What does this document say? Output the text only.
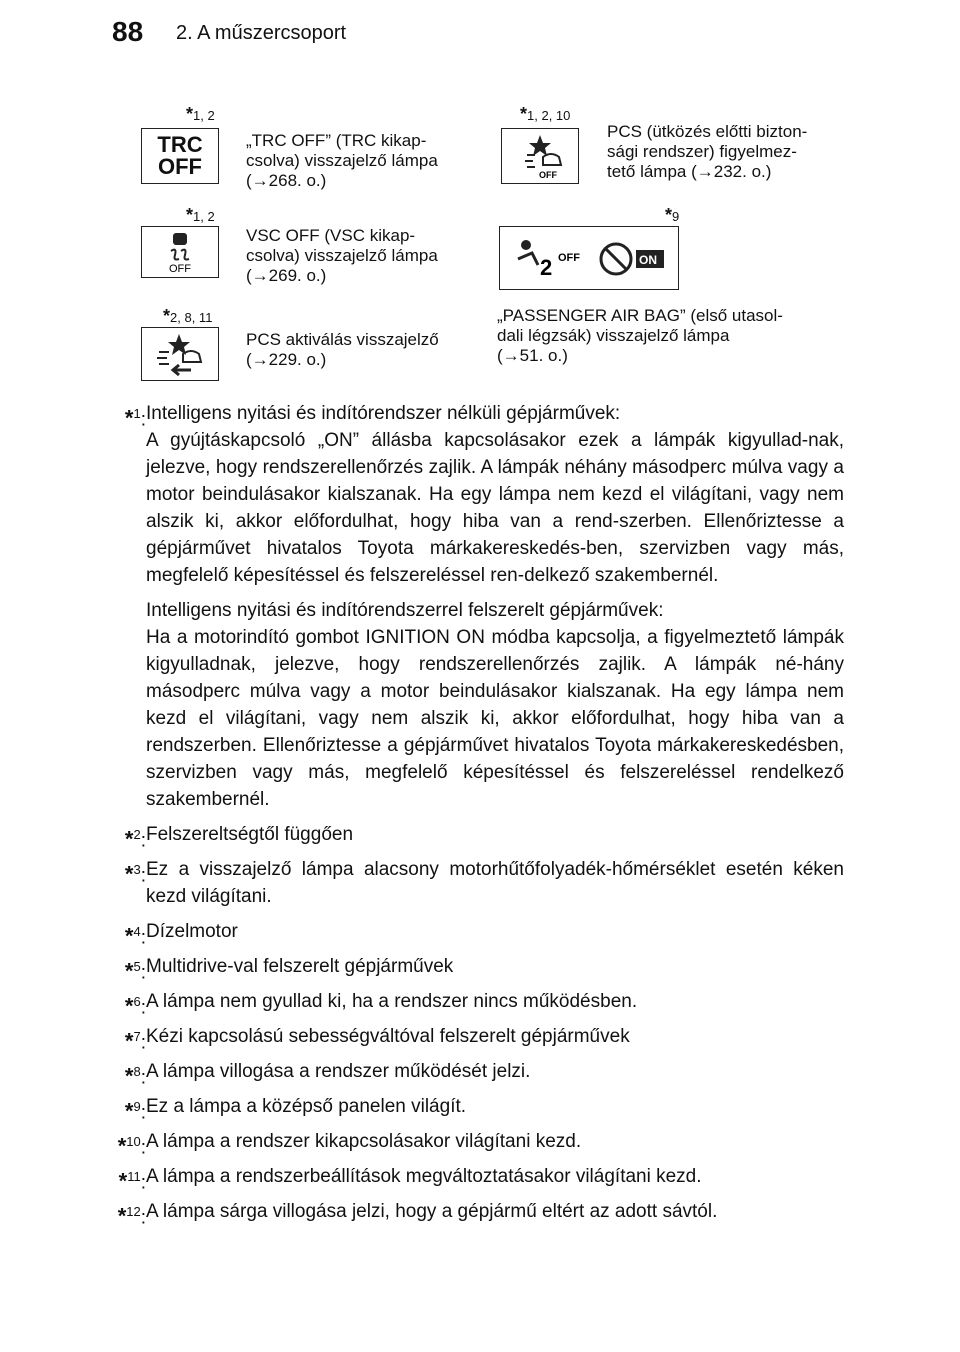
88 2. A műszercsoport
*1, 2
TRC
OFF
„TRC OFF” (TRC kikap-
csolva) visszajelző lámpa
(→268. o.)
*1, 2, 10
OFF
PCS (ütközés előtti bizton-
sági rendszer) figyelmez-
tető lámpa (→232. o.)
*1, 2
OFF
VSC OFF (VSC kikap-
csolva) visszajelző lámpa
(→269. o.)
*9
2 OFF	ON
„PASSENGER AIR BAG” (első utasol-
dali légzsák) visszajelző lámpa
(→51. o.)
*2, 8, 11
PCS aktiválás visszajelző
(→229. o.)
*$^1$: Intelligens nyitási és indítórendszer nélküli gépjárművek:
A gyújtáskapcsoló „ON” állásba kapcsolásakor ezek a lámpák kigyullad-nak, jelezve, hogy rendszerellenőrzés zajlik. A lámpák néhány másodperc múlva vagy a motor beindulásakor kialszanak. Ha egy lámpa nem kezd el világítani, vagy nem alszik ki, akkor előfordulhat, hogy hiba van a rend-szerben. Ellenőriztesse a gépjárművet hivatalos Toyota márkakereskedés-ben, szervizben vagy más, megfelelő képesítéssel és felszereléssel ren-delkező szakembernél.
Intelligens nyitási és indítórendszerrel felszerelt gépjárművek:
Ha a motorindító gombot IGNITION ON módba kapcsolja, a figyelmeztető lámpák kigyulladnak, jelezve, hogy rendszerellenőrzés zajlik. A lámpák né-hány másodperc múlva vagy a motor beindulásakor kialszanak. Ha egy lámpa nem kezd el világítani, vagy nem alszik ki, akkor előfordulhat, hogy hiba van a rendszerben. Ellenőriztesse a gépjárművet hivatalos Toyota márkakereskedésben, szervizben vagy más, megfelelő képesítéssel és felszereléssel rendelkező szakembernél.
*$^2$: Felszereltségtől függően
*$^3$: Ez a visszajelző lámpa alacsony motorhűtőfolyadék-hőmérséklet esetén kéken kezd világítani.
*$^4$: Dízelmotor
*$^5$: Multidrive-val felszerelt gépjárművek
*$^6$: A lámpa nem gyullad ki, ha a rendszer nincs működésben.
*$^7$: Kézi kapcsolású sebességváltóval felszerelt gépjárművek
*$^8$: A lámpa villogása a rendszer működését jelzi.
*$^9$: Ez a lámpa a középső panelen világít.
*$^{10}$: A lámpa a rendszer kikapcsolásakor világítani kezd.
*$^{11}$: A lámpa a rendszerbeállítások megváltoztatásakor világítani kezd.
*$^{12}$: A lámpa sárga villogása jelzi, hogy a gépjármű eltért az adott sávtól.
